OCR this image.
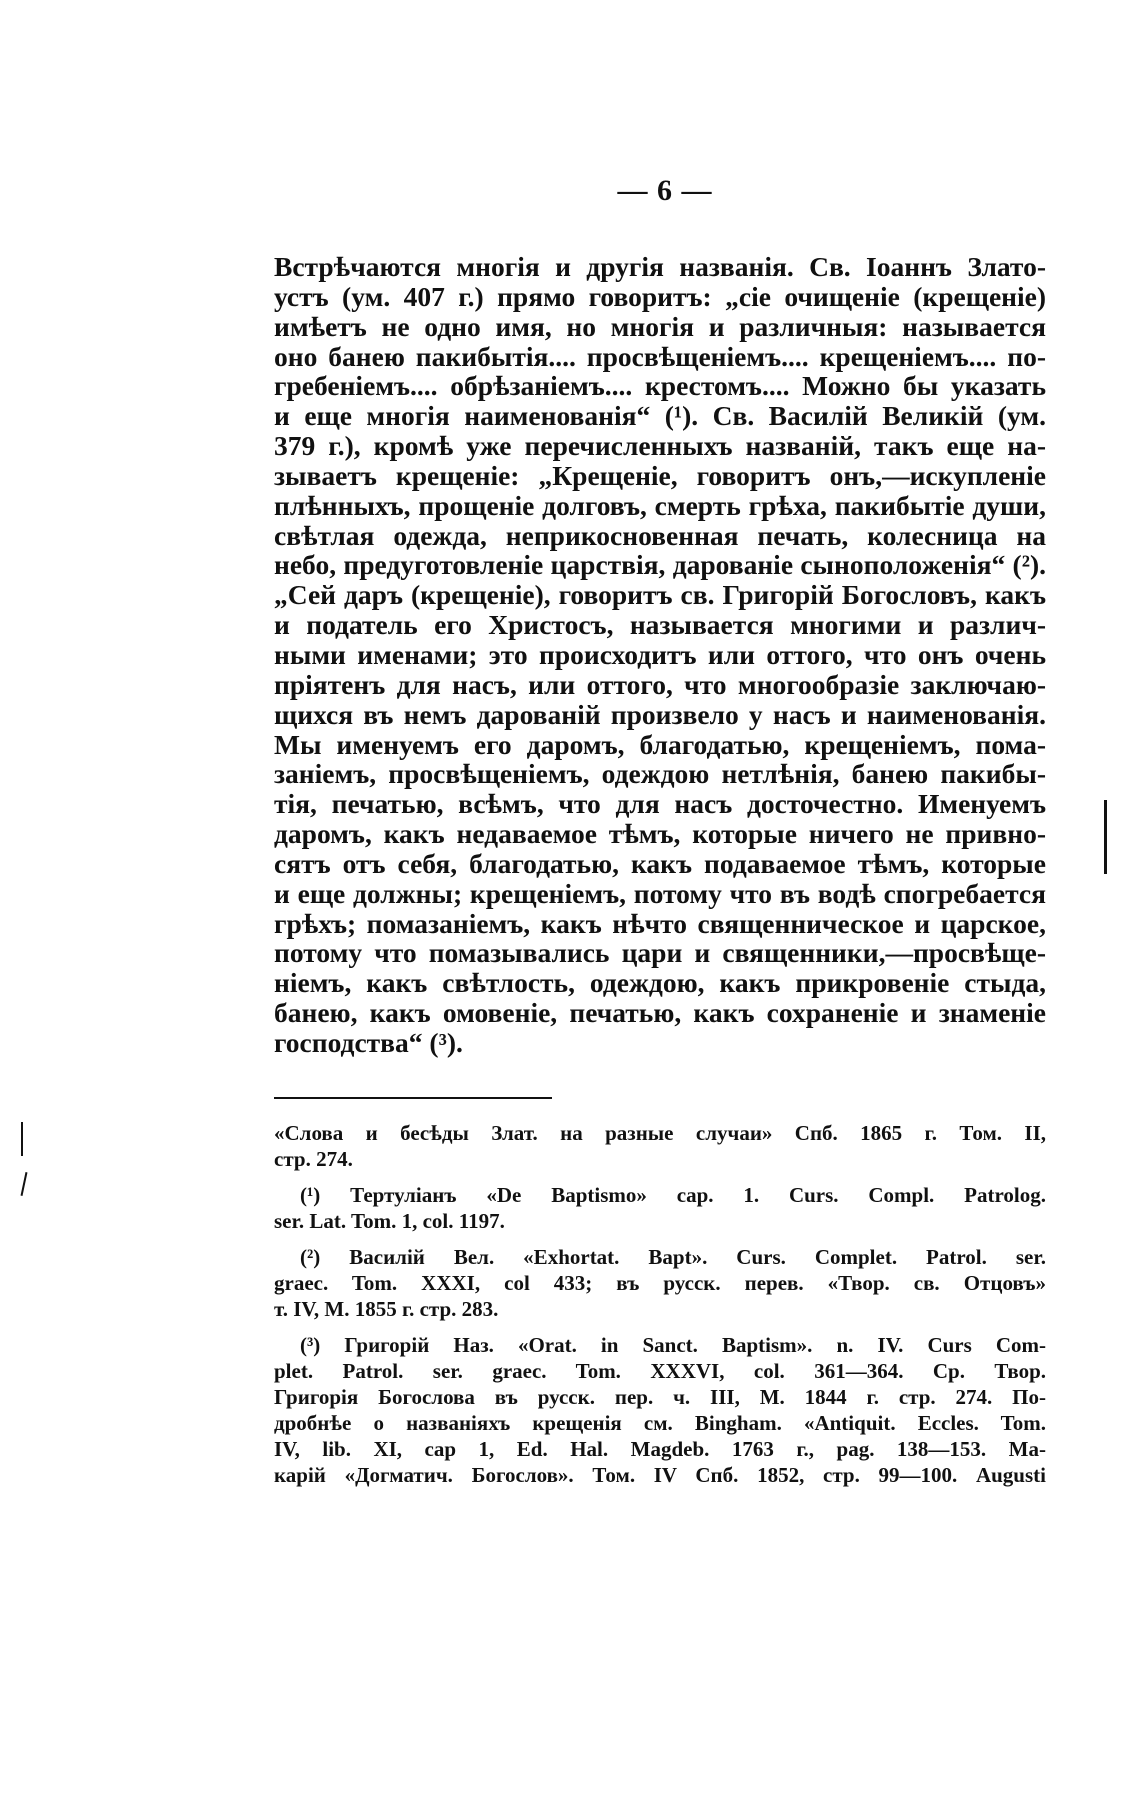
— 6 —
Встрѣчаются многія и другія названія. Св. Іоаннъ Злато-
устъ (ум. 407 г.) прямо говоритъ: „сіе очищеніе (крещеніе)
имѣетъ не одно имя, но многія и различныя: называется
оно банею пакибытія.... просвѣщеніемъ.... крещеніемъ.... по-
гребеніемъ.... обрѣзаніемъ.... крестомъ.... Можно бы указать
и еще многія наименованія“ (¹). Св. Василій Великій (ум.
379 г.), кромѣ уже перечисленныхъ названій, такъ еще на-
зываетъ крещеніе: „Крещеніе, говоритъ онъ,—искупленіе
плѣнныхъ, прощеніе долговъ, смерть грѣха, пакибытіе души,
свѣтлая одежда, неприкосновенная печать, колесница на
небо, предуготовленіе царствія, дарованіе сыноположенія“ (²).
„Сей даръ (крещеніе), говоритъ св. Григорій Богословъ, какъ
и податель его Христосъ, называется многими и различ-
ными именами; это происходитъ или оттого, что онъ очень
пріятенъ для насъ, или оттого, что многообразіе заключаю-
щихся въ немъ дарованій произвело у насъ и наименованія.
Мы именуемъ его даромъ, благодатью, крещеніемъ, пома-
заніемъ, просвѣщеніемъ, одеждою нетлѣнія, банею пакибы-
тія, печатью, всѣмъ, что для насъ досточестно. Именуемъ
даромъ, какъ недаваемое тѣмъ, которые ничего не привно-
сятъ отъ себя, благодатью, какъ подаваемое тѣмъ, которые
и еще должны; крещеніемъ, потому что въ водѣ спогребается
грѣхъ; помазаніемъ, какъ нѣчто священническое и царское,
потому что помазывались цари и священники,—просвѣще-
ніемъ, какъ свѣтлость, одеждою, какъ прикровеніе стыда,
банею, какъ омовеніе, печатью, какъ сохраненіе и знаменіе
господства“ (³).
«Слова и бесѣды Злат. на разные случаи» Спб. 1865 г. Том. II,
стр. 274.
(¹) Тертуліанъ «De Baptismo» cap. 1. Curs. Compl. Patrolog.
ser. Lat. Tom. 1, col. 1197.
(²) Василій Вел. «Exhortat. Bapt». Curs. Complet. Patrol. ser.
graec. Tom. XXXI, col 433; въ русск. перев. «Твор. св. Отцовъ»
т. IV, M. 1855 г. стр. 283.
(³) Григорій Наз. «Orat. in Sanct. Baptism». n. IV. Curs Com-
plet. Patrol. ser. graec. Tom. XXXVI, col. 361—364. Ср. Твор.
Григорія Богослова въ русск. пер. ч. III, M. 1844 г. стр. 274. По-
дробнѣе о названіяхъ крещенія см. Bingham. «Antiquit. Eccles. Tom.
IV, lib. XI, cap 1, Ed. Hal. Magdeb. 1763 г., pag. 138—153. Ма-
карій «Догматич. Богослов». Том. IV Спб. 1852, стр. 99—100. Augusti
